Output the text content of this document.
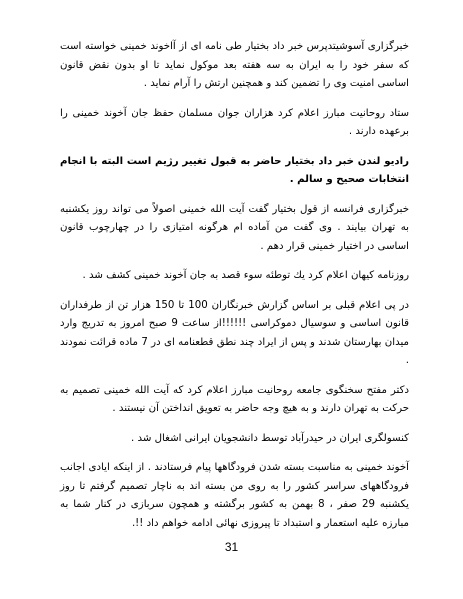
خبرگزاری آسوشیتدپرس خبر داد بختیار طی نامه ای از آاخوند خمینی خواسته است که سفر خود را به ایران به سه هفته بعد موکول نماید تا او بدون نقض قانون اساسی امنیت وی را تضمین کند و همچنین ارتش را آرام نماید .

ستاد روحانیت مبارز اعلام کرد هزاران جوان مسلمان حفظ جان آخوند خمینی را برعهده دارند .

رادیو لندن خبر داد بختیار حاضر به قبول تغییر رژیم است البته با انجام انتخابات صحیح و سالم .

خبرگزاری فرانسه از قول بختیار گفت آیت الله خمینی اصولاً می تواند روز یکشنبه به تهران بیایند . وی گفت من آماده ام هرگونه امتیازی را در چهارچوب قانون اساسی در اختیار خمینی قرار دهم .

روزنامه کیهان اعلام کرد یك توطئه سوء قصد به جان آخوند خمینی کشف شد .

در پی اعلام قبلی بر اساس گزارش خبرنگاران 100 تا 150 هزار تن از طرفداران قانون اساسی و سوسیال دموکراسی !!!!!!از ساعت 9 صبح امروز به تدریج وارد میدان بهارستان شدند و پس از ایراد چند نطق قطعنامه ای در 7 ماده قرائت نمودند .

دکتر مفتح سخنگوی جامعه روحانیت مبارز اعلام کرد که آیت الله خمینی تصمیم به حرکت به تهران دارند و به هیچ وجه حاضر به تعویق انداختن آن نیستند .

کنسولگری ایران در حیدرآباد توسط دانشجویان ایرانی اشغال شد .

آخوند خمینی به مناسبت بسته شدن فرودگاهها پیام فرستادند . از اینکه ایادی اجانب فرودگاههای سراسر کشور را به روی من بسته اند به ناچار تصمیم گرفتم تا روز یکشنبه 29 صفر ، 8 بهمن به کشور برگشته و همچون سربازی در کنار شما به مبارزه علیه استعمار و استبداد تا پیروزی نهائی ادامه خواهم داد !!.

31
